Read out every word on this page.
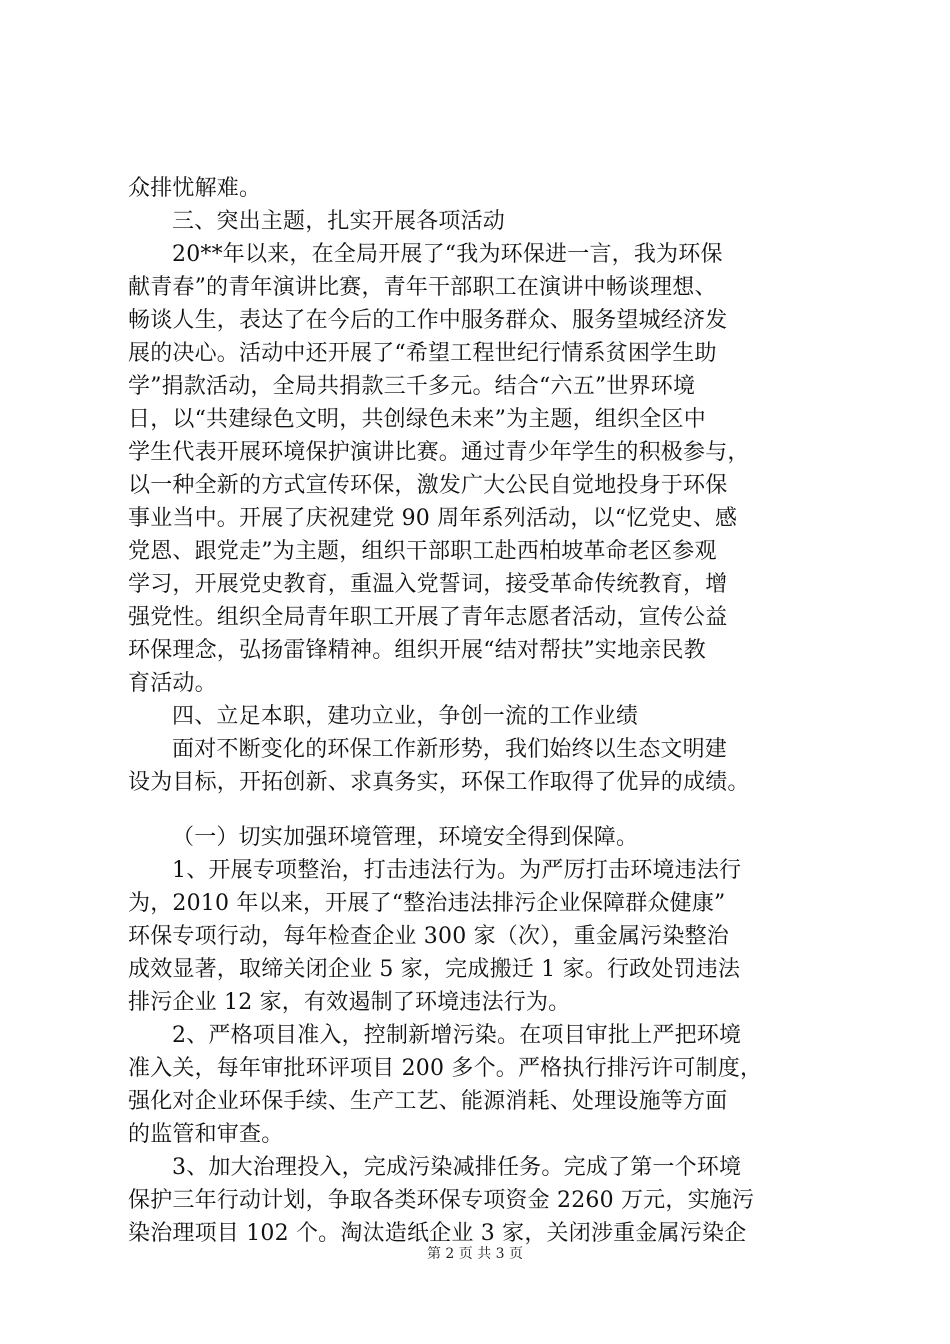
众排忧解难。
三、突出主题，扎实开展各项活动
20**年以来，在全局开展了“我为环保进一言，我为环保
献青春”的青年演讲比赛，青年干部职工在演讲中畅谈理想、
畅谈人生，表达了在今后的工作中服务群众、服务望城经济发
展的决心。活动中还开展了“希望工程世纪行情系贫困学生助
学”捐款活动，全局共捐款三千多元。结合“六五”世界环境
日，以“共建绿色文明，共创绿色未来”为主题，组织全区中
学生代表开展环境保护演讲比赛。通过青少年学生的积极参与，
以一种全新的方式宣传环保，激发广大公民自觉地投身于环保
事业当中。开展了庆祝建党 90 周年系列活动，以“忆党史、感
党恩、跟党走”为主题，组织干部职工赴西柏坡革命老区参观
学习，开展党史教育，重温入党誓词，接受革命传统教育，增
强党性。组织全局青年职工开展了青年志愿者活动，宣传公益
环保理念，弘扬雷锋精神。组织开展“结对帮扶”实地亲民教
育活动。
四、立足本职，建功立业，争创一流的工作业绩
面对不断变化的环保工作新形势，我们始终以生态文明建
设为目标，开拓创新、求真务实，环保工作取得了优异的成绩。
（一）切实加强环境管理，环境安全得到保障。
1、开展专项整治，打击违法行为。为严厉打击环境违法行
为，2010 年以来，开展了“整治违法排污企业保障群众健康”
环保专项行动，每年检查企业 300 家（次），重金属污染整治
成效显著，取缔关闭企业 5 家，完成搬迁 1 家。行政处罚违法
排污企业 12 家，有效遏制了环境违法行为。
2、严格项目准入，控制新增污染。在项目审批上严把环境
准入关，每年审批环评项目 200 多个。严格执行排污许可制度，
强化对企业环保手续、生产工艺、能源消耗、处理设施等方面
的监管和审查。
3、加大治理投入，完成污染减排任务。完成了第一个环境
保护三年行动计划，争取各类环保专项资金 2260 万元，实施污
染治理项目 102 个。淘汰造纸企业 3 家，关闭涉重金属污染企
第 2 页 共 3 页
